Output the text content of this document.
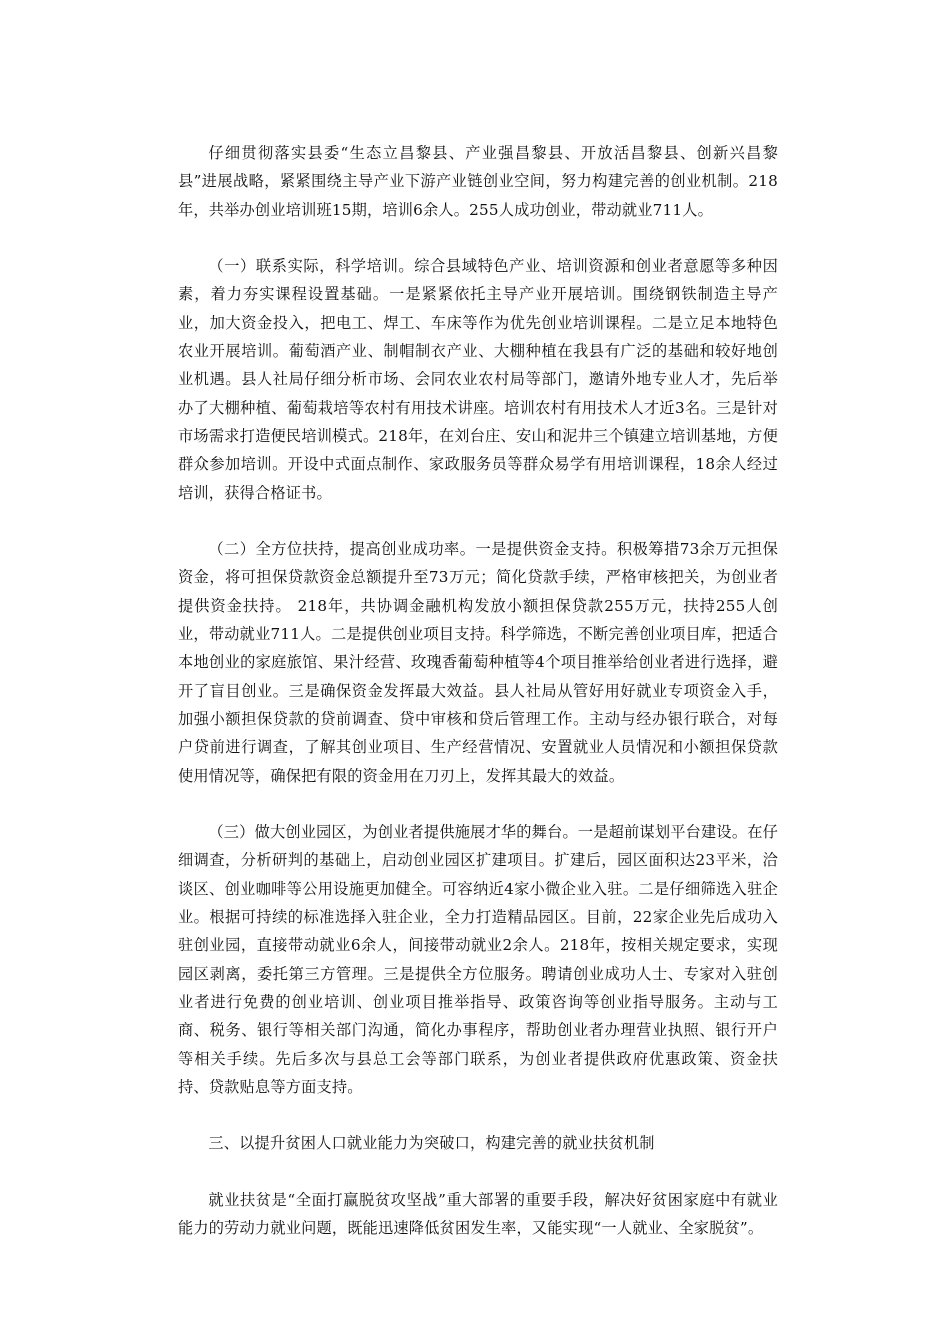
仔细贯彻落实县委“生态立昌黎县、产业强昌黎县、开放活昌黎县、创新兴昌黎县”进展战略，紧紧围绕主导产业下游产业链创业空间，努力构建完善的创业机制。218年，共举办创业培训班15期，培训6余人。255人成功创业，带动就业711人。

（一）联系实际，科学培训。综合县域特色产业、培训资源和创业者意愿等多种因素，着力夯实课程设置基础。一是紧紧依托主导产业开展培训。围绕钢铁制造主导产业，加大资金投入，把电工、焊工、车床等作为优先创业培训课程。二是立足本地特色农业开展培训。葡萄酒产业、制帽制衣产业、大棚种植在我县有广泛的基础和较好地创业机遇。县人社局仔细分析市场、会同农业农村局等部门，邀请外地专业人才，先后举办了大棚种植、葡萄栽培等农村有用技术讲座。培训农村有用技术人才近3名。三是针对市场需求打造便民培训模式。218年，在刘台庄、安山和泥井三个镇建立培训基地，方便群众参加培训。开设中式面点制作、家政服务员等群众易学有用培训课程，18余人经过培训，获得合格证书。

（二）全方位扶持，提高创业成功率。一是提供资金支持。积极筹措73余万元担保资金，将可担保贷款资金总额提升至73万元；简化贷款手续，严格审核把关，为创业者提供资金扶持。 218年，共协调金融机构发放小额担保贷款255万元，扶持255人创业，带动就业711人。二是提供创业项目支持。科学筛选，不断完善创业项目库，把适合本地创业的家庭旅馆、果汁经营、玫瑰香葡萄种植等4个项目推举给创业者进行选择，避开了盲目创业。三是确保资金发挥最大效益。县人社局从管好用好就业专项资金入手，加强小额担保贷款的贷前调查、贷中审核和贷后管理工作。主动与经办银行联合，对每户贷前进行调查，了解其创业项目、生产经营情况、安置就业人员情况和小额担保贷款使用情况等，确保把有限的资金用在刀刃上，发挥其最大的效益。

（三）做大创业园区，为创业者提供施展才华的舞台。一是超前谋划平台建设。在仔细调查，分析研判的基础上，启动创业园区扩建项目。扩建后，园区面积达23平米，洽谈区、创业咖啡等公用设施更加健全。可容纳近4家小微企业入驻。二是仔细筛选入驻企业。根据可持续的标准选择入驻企业，全力打造精品园区。目前，22家企业先后成功入驻创业园，直接带动就业6余人，间接带动就业2余人。218年，按相关规定要求，实现园区剥离，委托第三方管理。三是提供全方位服务。聘请创业成功人士、专家对入驻创业者进行免费的创业培训、创业项目推举指导、政策咨询等创业指导服务。主动与工商、税务、银行等相关部门沟通，简化办事程序，帮助创业者办理营业执照、银行开户等相关手续。先后多次与县总工会等部门联系，为创业者提供政府优惠政策、资金扶持、贷款贴息等方面支持。

三、以提升贫困人口就业能力为突破口，构建完善的就业扶贫机制

就业扶贫是“全面打赢脱贫攻坚战”重大部署的重要手段，解决好贫困家庭中有就业能力的劳动力就业问题，既能迅速降低贫困发生率，又能实现“一人就业、全家脱贫”。
